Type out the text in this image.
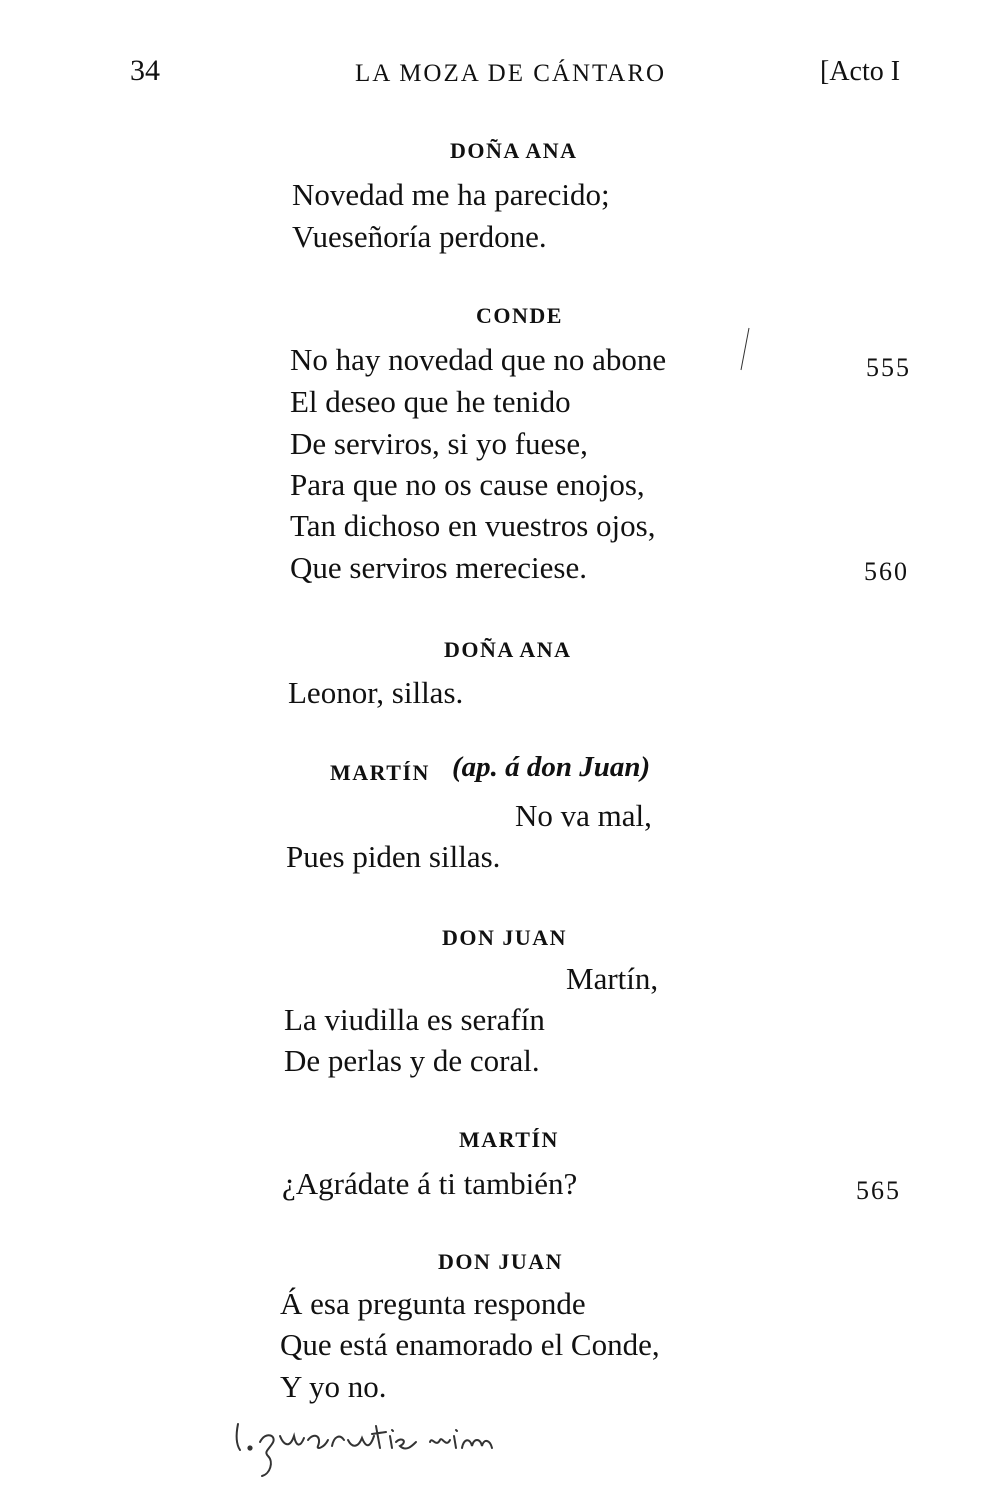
34	LA MOZA DE CÁNTARO	[Acto I
DOÑA ANA
Novedad me ha parecido;
Vueseñoría perdone.
CONDE
No hay novedad que no abone	555
El deseo que he tenido
De serviros, si yo fuese,
Para que no os cause enojos,
Tan dichoso en vuestros ojos,
Que serviros mereciese.	560
DOÑA ANA
Leonor, sillas.
MARTÍN (ap. á don Juan)
No va mal,
Pues piden sillas.
DON JUAN
Martín,
La viudilla es serafín
De perlas y de coral.
MARTÍN
¿Agrádate á ti también?	565
DON JUAN
Á esa pregunta responde
Que está enamorado el Conde,
Y yo no.
